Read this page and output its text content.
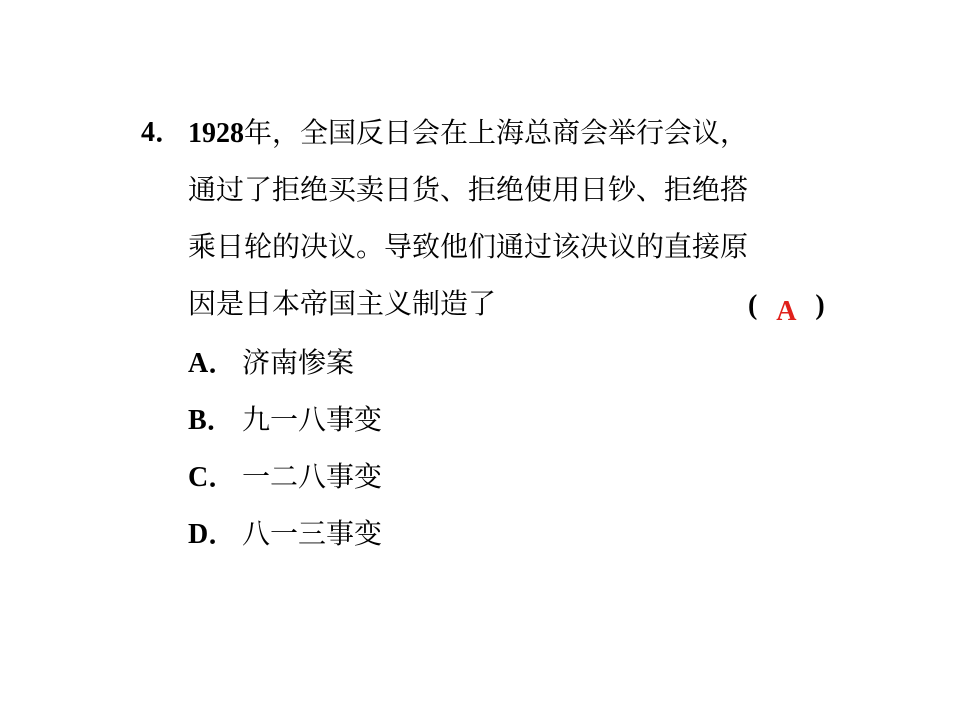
4． 1928年，全国反日会在上海总商会举行会议，
通过了拒绝买卖日货、拒绝使用日钞、拒绝搭
乘日轮的决议。导致他们通过该决议的直接原
因是日本帝国主义制造了	( A )
A． 济南惨案
B． 九一八事变
C． 一二八事变
D． 八一三事变
